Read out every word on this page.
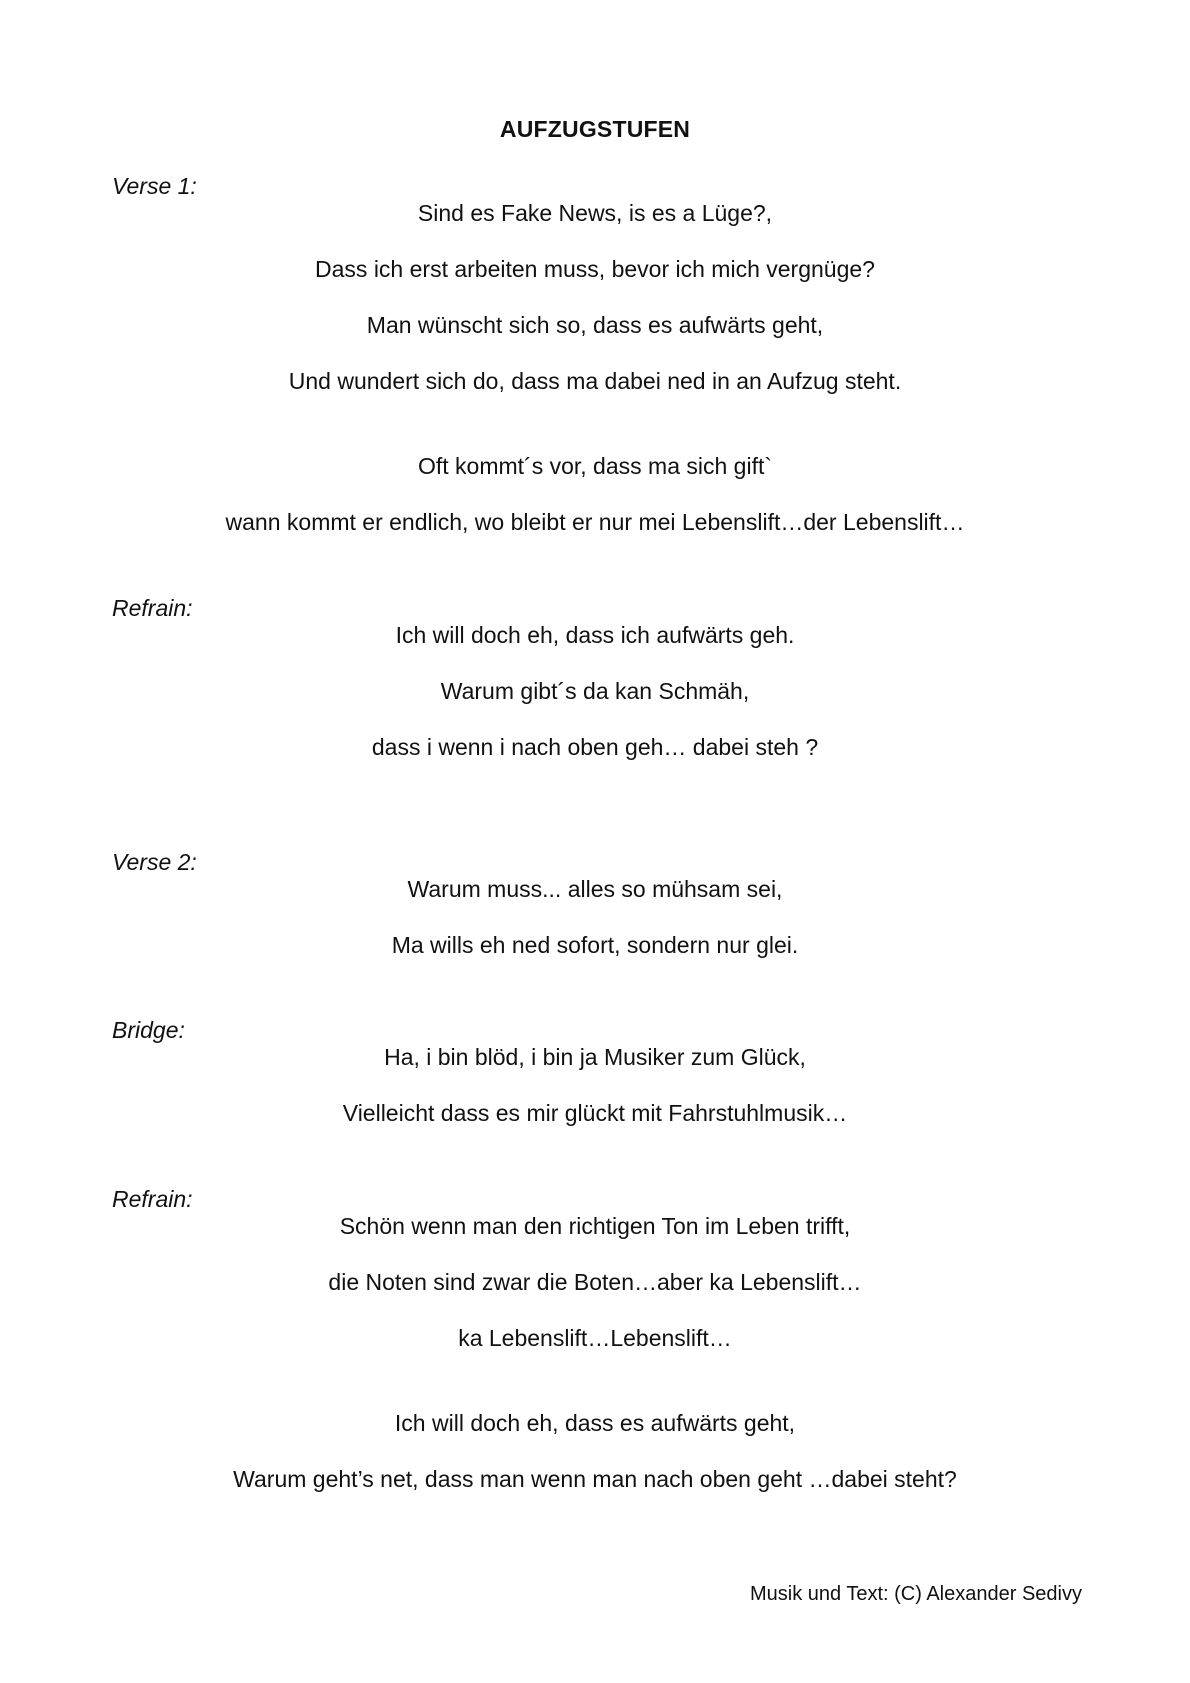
AUFZUGSTUFEN
Verse 1:
Sind es Fake News, is es a Lüge?,
Dass ich erst arbeiten muss, bevor ich mich vergnüge?
Man wünscht sich so, dass es aufwärts geht,
Und wundert sich do, dass ma dabei ned in an Aufzug steht.
Oft kommt´s vor, dass ma sich gift`
wann kommt er endlich, wo bleibt er nur mei Lebenslift…der Lebenslift…
Refrain:
Ich will doch eh, dass ich aufwärts geh.
Warum gibt´s da kan Schmäh,
dass i wenn i nach oben geh… dabei steh ?
Verse 2:
Warum muss... alles so mühsam sei,
Ma wills eh ned sofort, sondern nur glei.
Bridge:
Ha, i bin blöd, i bin ja Musiker zum Glück,
Vielleicht dass es mir glückt mit Fahrstuhlmusik…
Refrain:
Schön wenn man den richtigen Ton im Leben trifft,
die Noten sind zwar die Boten…aber ka Lebenslift…
ka Lebenslift…Lebenslift…
Ich will doch eh, dass es aufwärts geht,
Warum geht’s net, dass man wenn man nach oben geht …dabei steht?
Musik und Text: (C) Alexander Sedivy
